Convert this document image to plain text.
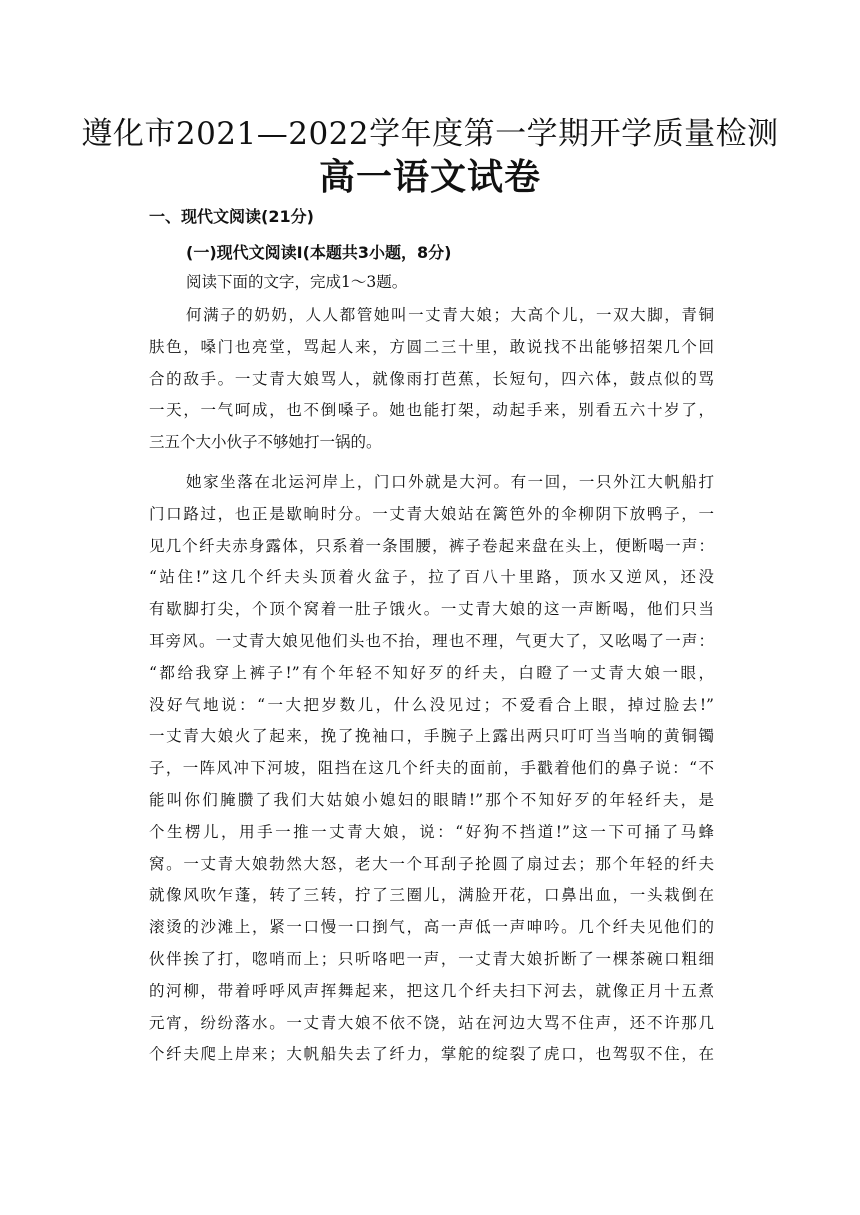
遵化市2021—2022学年度第一学期开学质量检测
高一语文试卷
一、现代文阅读(21分)
(一)现代文阅读Ⅰ(本题共3小题，8分)
阅读下面的文字，完成1～3题。
何满子的奶奶，人人都管她叫一丈青大娘；大高个儿，一双大脚，青铜
肤色，嗓门也亮堂，骂起人来，方圆二三十里，敢说找不出能够招架几个回
合的敌手。一丈青大娘骂人，就像雨打芭蕉，长短句，四六体，鼓点似的骂
一天，一气呵成，也不倒嗓子。她也能打架，动起手来，别看五六十岁了，
三五个大小伙子不够她打一锅的。
她家坐落在北运河岸上，门口外就是大河。有一回，一只外江大帆船打
门口路过，也正是歇晌时分。一丈青大娘站在篱笆外的伞柳阴下放鸭子，一
见几个纤夫赤身露体，只系着一条围腰，裤子卷起来盘在头上，便断喝一声：
“站住!”这几个纤夫头顶着火盆子，拉了百八十里路，顶水又逆风，还没
有歇脚打尖，个顶个窝着一肚子饿火。一丈青大娘的这一声断喝，他们只当
耳旁风。一丈青大娘见他们头也不抬，理也不理，气更大了，又吆喝了一声：
“都给我穿上裤子!”有个年轻不知好歹的纤夫，白瞪了一丈青大娘一眼，
没好气地说：“一大把岁数儿，什么没见过；不爱看合上眼，掉过脸去!”
一丈青大娘火了起来，挽了挽袖口，手腕子上露出两只叮叮当当响的黄铜镯
子，一阵风冲下河坡，阻挡在这几个纤夫的面前，手戳着他们的鼻子说：“不
能叫你们腌臜了我们大姑娘小媳妇的眼睛!”那个不知好歹的年轻纤夫，是
个生楞儿，用手一推一丈青大娘，说：“好狗不挡道!”这一下可捅了马蜂
窝。一丈青大娘勃然大怒，老大一个耳刮子抡圆了扇过去；那个年轻的纤夫
就像风吹乍蓬，转了三转，拧了三圈儿，满脸开花，口鼻出血，一头栽倒在
滚烫的沙滩上，紧一口慢一口捯气，高一声低一声呻吟。几个纤夫见他们的
伙伴挨了打，唿哨而上；只听咯吧一声，一丈青大娘折断了一棵茶碗口粗细
的河柳，带着呼呼风声挥舞起来，把这几个纤夫扫下河去，就像正月十五煮
元宵，纷纷落水。一丈青大娘不依不饶，站在河边大骂不住声，还不许那几
个纤夫爬上岸来；大帆船失去了纤力，掌舵的绽裂了虎口，也驾驭不住，在
